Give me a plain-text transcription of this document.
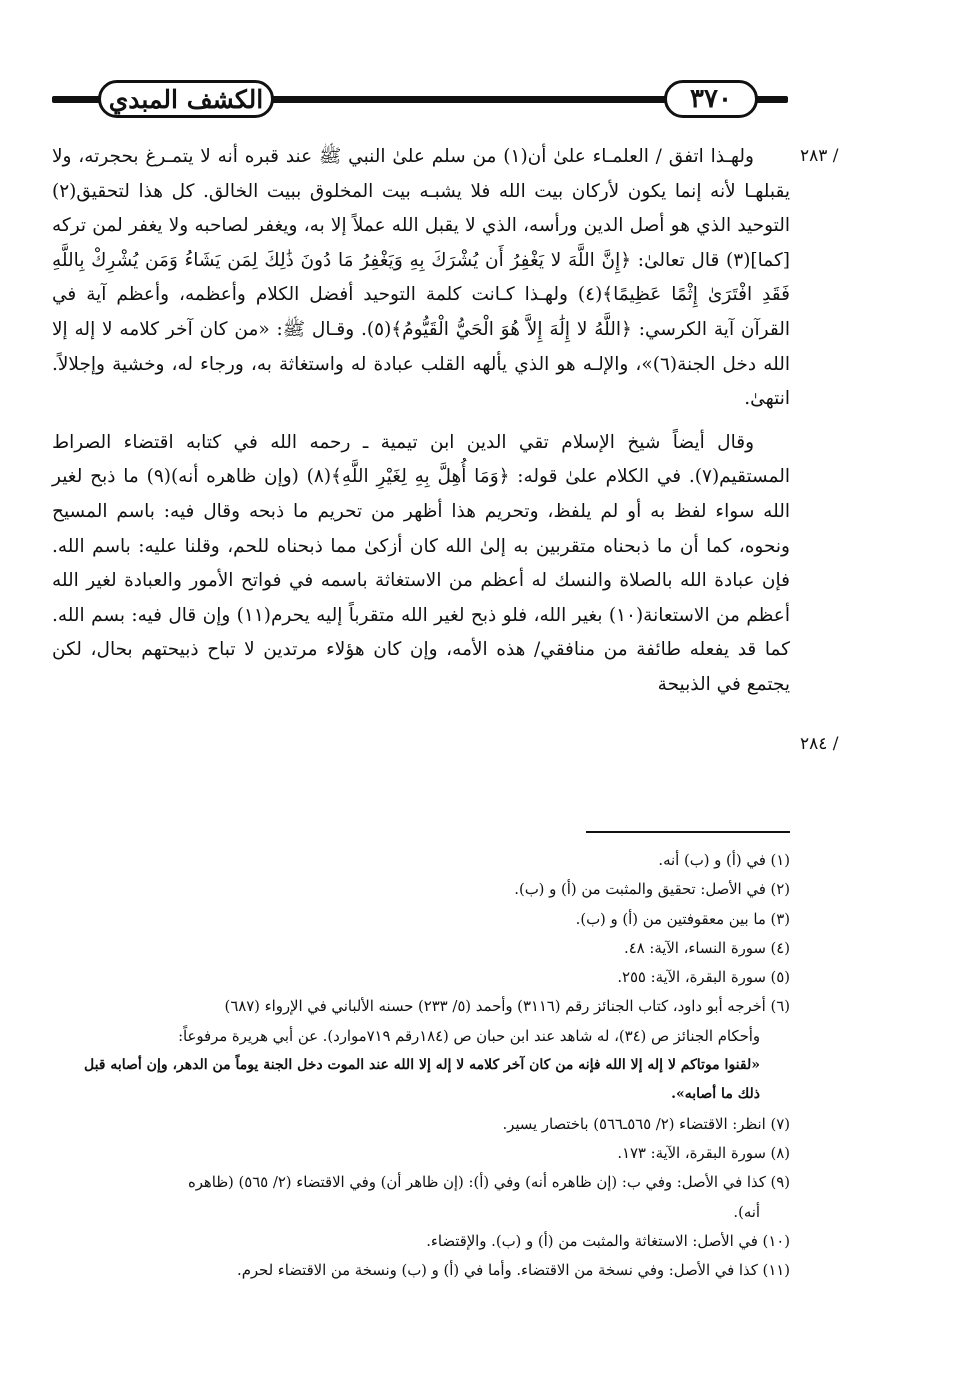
الكشف المبدي	٣٧٠
٢٨٣ /
٢٨٤ /

ولهـذا اتفق / العلمـاء علىٰ أن(١) من سلم علىٰ النبي ﷺ عند قبره أنه لا يتمـرغ بحجرته، ولا يقبلهـا لأنه إنما يكون لأركان بيت الله فلا يشبـه بيت المخلوق ببيت الخالق. كل هذا لتحقيق(٢) التوحيد الذي هو أصل الدين ورأسه، الذي لا يقبل الله عملاً إلا به، ويغفر لصاحبه ولا يغفر لمن تركه [كما](٣) قال تعالىٰ: ﴿إِنَّ اللَّهَ لا يَغْفِرُ أَن يُشْرَكَ بِهِ وَيَغْفِرُ مَا دُونَ ذَٰلِكَ لِمَن يَشَاءُ وَمَن يُشْرِكْ بِاللَّهِ فَقَدِ افْتَرَىٰ إِثْمًا عَظِيمًا﴾(٤) ولهـذا كـانت كلمة التوحيد أفضل الكلام وأعظمه، وأعظم آية في القرآن آية الكرسي: ﴿اللَّهُ لا إِلَٰهَ إِلاَّ هُوَ الْحَيُّ الْقَيُّومُ﴾(٥). وقـال ﷺ: «من كان آخر كلامه لا إله إلا الله دخل الجنة(٦)»، والإلـه هو الذي يألهه القلب عبادة له واستغاثة به، ورجاء له، وخشية وإجلالاً. انتهىٰ.

وقال أيضاً شيخ الإسلام تقي الدين ابن تيمية ـ رحمه الله في كتابه اقتضاء الصراط المستقيم(٧). في الكلام علىٰ قوله: ﴿وَمَا أُهِلَّ بِهِ لِغَيْرِ اللَّهِ﴾(٨) (وإن ظاهره أنه)(٩) ما ذبح لغير الله سواء لفظ به أو لم يلفظ، وتحريم هذا أظهر من تحريم ما ذبحه وقال فيه: باسم المسيح ونحوه، كما أن ما ذبحناه متقربين به إلىٰ الله كان أزكىٰ مما ذبحناه للحم، وقلنا عليه: باسم الله. فإن عبادة الله بالصلاة والنسك له أعظم من الاستغاثة باسمه في فواتح الأمور والعبادة لغير الله أعظم من الاستعانة(١٠) بغير الله، فلو ذبح لغير الله متقرباً إليه يحرم(١١) وإن قال فيه: بسم الله. كما قد يفعله طائفة من منافقي/ هذه الأمه، وإن كان هؤلاء مرتدين لا تباح ذبيحتهم بحال، لكن يجتمع في الذبيحة

(١) في (أ) و (ب) أنه.

(٢) في الأصل: تحقيق والمثبت من (أ) و (ب).

(٣) ما بين معقوفتين من (أ) و (ب).

(٤) سورة النساء، الآية: ٤٨.

(٥) سورة البقرة، الآية: ٢٥٥.

(٦) أخرجه أبو داود، كتاب الجنائز رقم (٣١١٦) وأحمد (٥/ ٢٣٣) حسنه الألباني في الإرواء (٦٨٧)

وأحكام الجنائز ص (٣٤)، له شاهد عند ابن حبان ص (١٨٤رقم ٧١٩موارد). عن أبي هريرة مرفوعاً:

«لقنوا موتاكم لا إله إلا الله فإنه من كان آخر كلامه لا إله إلا الله عند الموت دخل الجنة يوماً من الدهر، وإن أصابه قبل

ذلك ما أصابه».

(٧) انظر: الاقتضاء (٢/ ٥٦٥ـ٥٦٦) باختصار يسير.

(٨) سورة البقرة، الآية: ١٧٣.

(٩) كذا في الأصل: وفي ب: (إن ظاهره أنه) وفي (أ): (إن ظاهر أن) وفي الاقتضاء (٢/ ٥٦٥) (ظاهره

أنه).

(١٠) في الأصل: الاستغاثة والمثبت من (أ) و (ب). والإقتضاء.

(١١) كذا في الأصل: وفي نسخة من الاقتضاء. وأما في (أ) و (ب) ونسخة من الاقتضاء لحرم.
